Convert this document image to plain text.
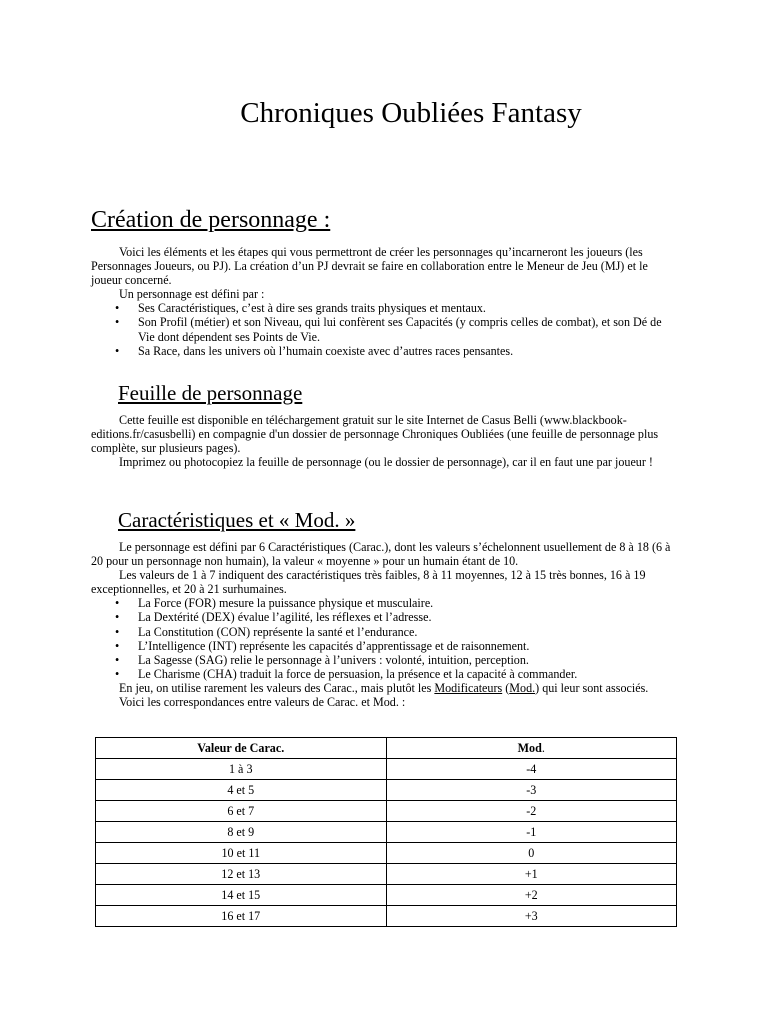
Chroniques Oubliées Fantasy
Création de personnage :

Voici les éléments et les étapes qui vous permettront de créer les personnages qu’incarneront les joueurs (les Personnages Joueurs, ou PJ). La création d’un PJ devrait se faire en collaboration entre le Meneur de Jeu (MJ) et le joueur concerné.

Un personnage est défini par :

• Ses Caractéristiques, c’est à dire ses grands traits physiques et mentaux.
• Son Profil (métier) et son Niveau, qui lui confèrent ses Capacités (y compris celles de combat), et son Dé de Vie dont dépendent ses Points de Vie.
• Sa Race, dans les univers où l’humain coexiste avec d’autres races pensantes.
Feuille de personnage

Cette feuille est disponible en téléchargement gratuit sur le site Internet de Casus Belli (www.blackbook-editions.fr/casusbelli) en compagnie d'un dossier de personnage Chroniques Oubliées (une feuille de personnage plus complète, sur plusieurs pages).

Imprimez ou photocopiez la feuille de personnage (ou le dossier de personnage), car il en faut une par joueur !

Caractéristiques et « Mod. »

Le personnage est défini par 6 Caractéristiques (Carac.), dont les valeurs s’échelonnent usuellement de 8 à 18 (6 à 20 pour un personnage non humain), la valeur « moyenne » pour un humain étant de 10.

Les valeurs de 1 à 7 indiquent des caractéristiques très faibles, 8 à 11 moyennes, 12 à 15 très bonnes, 16 à 19 exceptionnelles, et 20 à 21 surhumaines.

• La Force (FOR) mesure la puissance physique et musculaire.
• La Dextérité (DEX) évalue l’agilité, les réflexes et l’adresse.
• La Constitution (CON) représente la santé et l’endurance.
• L’Intelligence (INT) représente les capacités d’apprentissage et de raisonnement.
• La Sagesse (SAG) relie le personnage à l’univers : volonté, intuition, perception.
• Le Charisme (CHA) traduit la force de persuasion, la présence et la capacité à commander.

En jeu, on utilise rarement les valeurs des Carac., mais plutôt les Modificateurs (Mod.) qui leur sont associés.

Voici les correspondances entre valeurs de Carac. et Mod. :

Valeur de Carac.	Mod.
1 à 3	-4
4 et 5	-3
6 et 7	-2
8 et 9	-1
10 et 11	0
12 et 13	+1
14 et 15	+2
16 et 17	+3
